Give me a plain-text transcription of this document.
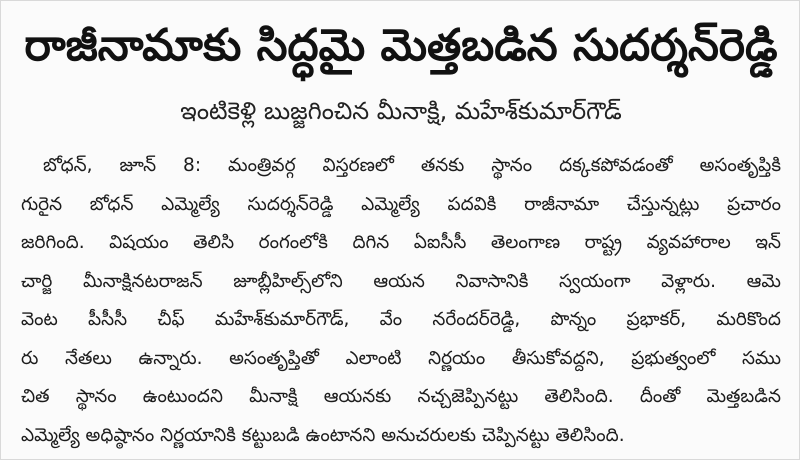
రాజీనామాకు సిద్ధమై మెత్తబడిన సుదర్శన్‌రెడ్డి
ఇంటికెళ్లి బుజ్జగించిన మీనాక్షి, మహేశ్‌కుమార్‌గౌడ్
బోధన్, జూన్ 8: మంత్రివర్గ విస్తరణలో తనకు స్థానం దక్కకపోవడంతో అసంతృప్తికి
గురైన బోధన్ ఎమ్మెల్యే సుదర్శన్‌రెడ్డి ఎమ్మెల్యే పదవికి రాజీనామా చేస్తున్నట్లు ప్రచారం
జరిగింది. విషయం తెలిసి రంగంలోకి దిగిన ఏఐసీసీ తెలంగాణ రాష్ట్ర వ్యవహారాల ఇన్
చార్జి మీనాక్షినటరాజన్ జూబ్లీహిల్స్‌లోని ఆయన నివాసానికి స్వయంగా వెళ్లారు. ఆమె
వెంట పీసీసీ చీఫ్ మహేశ్‌కుమార్‌గౌడ్, వేం నరేందర్‌రెడ్డి, పొన్నం ప్రభాకర్, మరికొంద
రు నేతలు ఉన్నారు. అసంతృప్తితో ఎలాంటి నిర్ణయం తీసుకోవద్దని, ప్రభుత్వంలో సము
చిత స్థానం ఉంటుందని మీనాక్షి ఆయనకు నచ్చజెప్పినట్టు తెలిసింది. దీంతో మెత్తబడిన
ఎమ్మెల్యే అధిష్ఠానం నిర్ణయానికి కట్టుబడి ఉంటానని అనుచరులకు చెప్పినట్టు తెలిసింది.
